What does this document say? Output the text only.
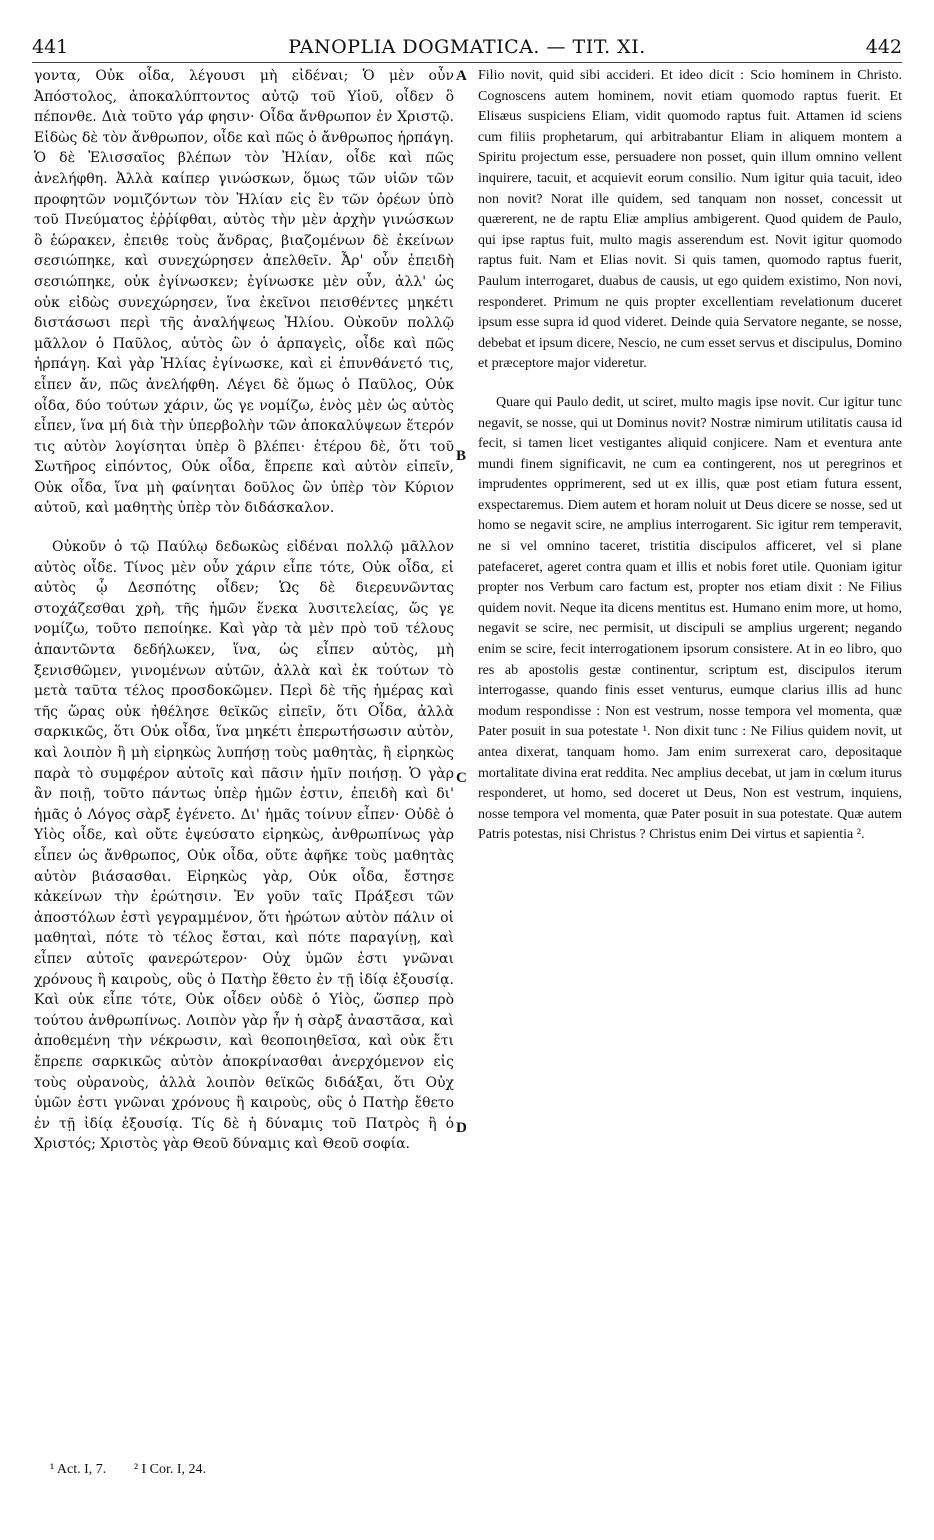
441	PANOPLIA DOGMATICA. — TIT. XI.	442

γοντα, Οὐκ οἶδα, λέγουσι μὴ εἰδέναι; Ὁ μὲν οὖν Ἀπόστολος, ἀποκαλύπτοντος αὐτῷ τοῦ Υἱοῦ, οἶδεν ὃ πέπονθε. Διὰ τοῦτο γάρ φησιν· Οἶδα ἄνθρωπον ἐν Χριστῷ. Εἰδὼς δὲ τὸν ἄνθρωπον, οἶδε καὶ πῶς ὁ ἄνθρωπος ἡρπάγη. Ὁ δὲ Ἐλισσαῖος βλέπων τὸν Ἠλίαν, οἶδε καὶ πῶς ἀνελήφθη. Ἀλλὰ καίπερ γινώσκων, ὅμως τῶν υἱῶν τῶν προφητῶν νομιζόντων τὸν Ἠλίαν εἰς ἓν τῶν ὀρέων ὑπὸ τοῦ Πνεύματος ἐῤῥίφθαι, αὐτὸς τὴν μὲν ἀρχὴν γινώσκων ὃ ἑώρακεν, ἐπειθε τοὺς ἄνδρας, βιαζομένων δὲ ἐκείνων σεσιώπηκε, καὶ συνεχώρησεν ἀπελθεῖν. Ἆρ' οὖν ἐπειδὴ σεσιώπηκε, οὐκ ἐγίνωσκεν; ἐγίνωσκε μὲν οὖν, ἀλλ' ὡς οὐκ εἰδὼς συνεχώρησεν, ἵνα ἐκεῖνοι πεισθέντες μηκέτι διστάσωσι περὶ τῆς ἀναλήψεως Ἠλίου. Οὐκοῦν πολλῷ μᾶλλον ὁ Παῦλος, αὐτὸς ὢν ὁ ἁρπαγεὶς, οἶδε καὶ πῶς ἡρπάγη. Καὶ γὰρ Ἠλίας ἐγίνωσκε, καὶ εἰ ἐπυνθάνετό τις, εἶπεν ἄν, πῶς ἀνελήφθη. Λέγει δὲ ὅμως ὁ Παῦλος, Οὐκ οἶδα, δύο τούτων χάριν, ὥς γε νομίζω, ἑνὸς μὲν ὡς αὐτὸς εἶπεν, ἵνα μή διὰ τὴν ὑπερβολὴν τῶν ἀποκαλύψεων ἕτερόν τις αὐτὸν λογίσηται ὑπὲρ ὃ βλέπει· ἑτέρου δὲ, ὅτι τοῦ Σωτῆρος εἰπόντος, Οὐκ οἶδα, ἔπρεπε καὶ αὐτὸν εἰπεῖν, Οὐκ οἶδα, ἵνα μὴ φαίνηται δοῦλος ὢν ὑπὲρ τὸν Κύριον αὐτοῦ, καὶ μαθητὴς ὑπὲρ τὸν διδάσκαλον.

Οὐκοῦν ὁ τῷ Παύλῳ δεδωκὼς εἰδέναι πολλῷ μᾶλλον αὐτὸς οἶδε. Τίνος μὲν οὖν χάριν εἶπε τότε, Οὐκ οἶδα, εἰ αὐτὸς ᾧ Δεσπότης οἶδεν; Ὡς δὲ διερευνῶντας στοχάζεσθαι χρὴ, τῆς ἡμῶν ἕνεκα λυσιτελείας, ὥς γε νομίζω, τοῦτο πεποίηκε. Καὶ γὰρ τὰ μὲν πρὸ τοῦ τέλους ἀπαντῶντα δεδήλωκεν, ἵνα, ὡς εἶπεν αὐτὸς, μὴ ξενισθῶμεν, γινομένων αὐτῶν, ἀλλὰ καὶ ἐκ τούτων τὸ μετὰ ταῦτα τέλος προσδοκῶμεν. Περὶ δὲ τῆς ἡμέρας καὶ τῆς ὥρας οὐκ ἠθέλησε θεϊκῶς εἰπεῖν, ὅτι Οἶδα, ἀλλὰ σαρκικῶς, ὅτι Οὐκ οἶδα, ἵνα μηκέτι ἐπερωτήσωσιν αὐτὸν, καὶ λοιπὸν ἢ μὴ εἰρηκὼς λυπήσῃ τοὺς μαθητὰς, ἢ εἰρηκὼς παρὰ τὸ συμφέρον αὐτοῖς καὶ πᾶσιν ἡμῖν ποιήσῃ. Ὁ γὰρ ἂν ποιῇ, τοῦτο πάντως ὑπὲρ ἡμῶν ἐστιν, ἐπειδὴ καὶ δι' ἡμᾶς ὁ Λόγος σὰρξ ἐγένετο. Δι' ἡμᾶς τοίνυν εἶπεν· Οὐδὲ ὁ Υἱὸς οἶδε, καὶ οὔτε ἐψεύσατο εἰρηκὼς, ἀνθρωπίνως γὰρ εἶπεν ὡς ἄνθρωπος, Οὐκ οἶδα, οὔτε ἀφῆκε τοὺς μαθητὰς αὐτὸν βιάσασθαι. Εἰρηκὼς γὰρ, Οὐκ οἶδα, ἔστησε κἀκείνων τὴν ἐρώτησιν. Ἐν γοῦν ταῖς Πράξεσι τῶν ἀποστόλων ἐστὶ γεγραμμένον, ὅτι ἠρώτων αὐτὸν πάλιν οἱ μαθηταὶ, πότε τὸ τέλος ἔσται, καὶ πότε παραγίνῃ, καὶ εἶπεν αὐτοῖς φανερώτερον· Οὐχ ὑμῶν ἐστι γνῶναι χρόνους ἢ καιροὺς, οὓς ὁ Πατὴρ ἔθετο ἐν τῇ ἰδίᾳ ἐξουσίᾳ. Καὶ οὐκ εἶπε τότε, Οὐκ οἶδεν οὐδὲ ὁ Υἱὸς, ὥσπερ πρὸ τούτου ἀνθρωπίνως. Λοιπὸν γὰρ ἦν ἡ σὰρξ ἀναστᾶσα, καὶ ἀποθεμένη τὴν νέκρωσιν, καὶ θεοποιηθεῖσα, καὶ οὐκ ἔτι ἔπρεπε σαρκικῶς αὐτὸν ἀποκρίνασθαι ἀνερχόμενον εἰς τοὺς οὐρανοὺς, ἀλλὰ λοιπὸν θεϊκῶς διδάξαι, ὅτι Οὐχ ὑμῶν ἐστι γνῶναι χρόνους ἢ καιροὺς, οὓς ὁ Πατὴρ ἔθετο ἐν τῇ ἰδίᾳ ἐξουσίᾳ. Τίς δὲ ἡ δύναμις τοῦ Πατρὸς ἢ ὁ Χριστός; Χριστὸς γὰρ Θεοῦ δύναμις καὶ Θεοῦ σοφία.

Filio novit, quid sibi accideri. Et ideo dicit : Scio hominem in Christo. Cognoscens autem hominem, novit etiam quomodo raptus fuerit. Et Elisæus suspiciens Eliam, vidit quomodo raptus fuit. Attamen id sciens cum filiis prophetarum, qui arbitrabantur Eliam in aliquem montem a Spiritu projectum esse, persuadere non posset, quin illum omnino vellent inquirere, tacuit, et acquievit eorum consilio. Num igitur quia tacuit, ideo non novit? Norat ille quidem, sed tanquam non nosset, concessit ut quærerent, ne de raptu Eliæ amplius ambigerent. Quod quidem de Paulo, qui ipse raptus fuit, multo magis asserendum est. Novit igitur quomodo raptus fuit. Nam et Elias novit. Si quis tamen, quomodo raptus fuerit, Paulum interrogaret, duabus de causis, ut ego quidem existimo, Non novi, responderet. Primum ne quis propter excellentiam revelationum duceret ipsum esse supra id quod videret. Deinde quia Servatore negante, se nosse, debebat et ipsum dicere, Nescio, ne cum esset servus et discipulus, Domino et præceptore major videretur.

Quare qui Paulo dedit, ut sciret, multo magis ipse novit. Cur igitur tunc negavit, se nosse, qui ut Dominus novit? Nostræ nimirum utilitatis causa id fecit, si tamen licet vestigantes aliquid conjicere. Nam et eventura ante mundi finem significavit, ne cum ea contingerent, nos ut peregrinos et imprudentes opprimerent, sed ut ex illis, quæ post etiam futura essent, exspectaremus. Diem autem et horam noluit ut Deus dicere se nosse, sed ut homo se negavit scire, ne amplius interrogarent. Sic igitur rem temperavit, ne si vel omnino taceret, tristitia discipulos afficeret, vel si plane patefaceret, ageret contra quam et illis et nobis foret utile. Quoniam igitur propter nos Verbum caro factum est, propter nos etiam dixit : Ne Filius quidem novit. Neque ita dicens mentitus est. Humano enim more, ut homo, negavit se scire, nec permisit, ut discipuli se amplius urgerent; negando enim se scire, fecit interrogationem ipsorum consistere. At in eo libro, quo res ab apostolis gestæ continentur, scriptum est, discipulos iterum interrogasse, quando finis esset venturus, eumque clarius illis ad hunc modum respondisse : Non est vestrum, nosse tempora vel momenta, quæ Pater posuit in sua potestate ¹. Non dixit tunc : Ne Filius quidem novit, ut antea dixerat, tanquam homo. Jam enim surrexerat caro, depositaque mortalitate divina erat reddita. Nec amplius decebat, ut jam in cœlum iturus responderet, ut homo, sed doceret ut Deus, Non est vestrum, inquiens, nosse tempora vel momenta, quæ Pater posuit in sua potestate. Quæ autem Patris potestas, nisi Christus ? Christus enim Dei virtus et sapientia ².

A
B
C
D
¹ Act. I, 7. ² I Cor. I, 24.
